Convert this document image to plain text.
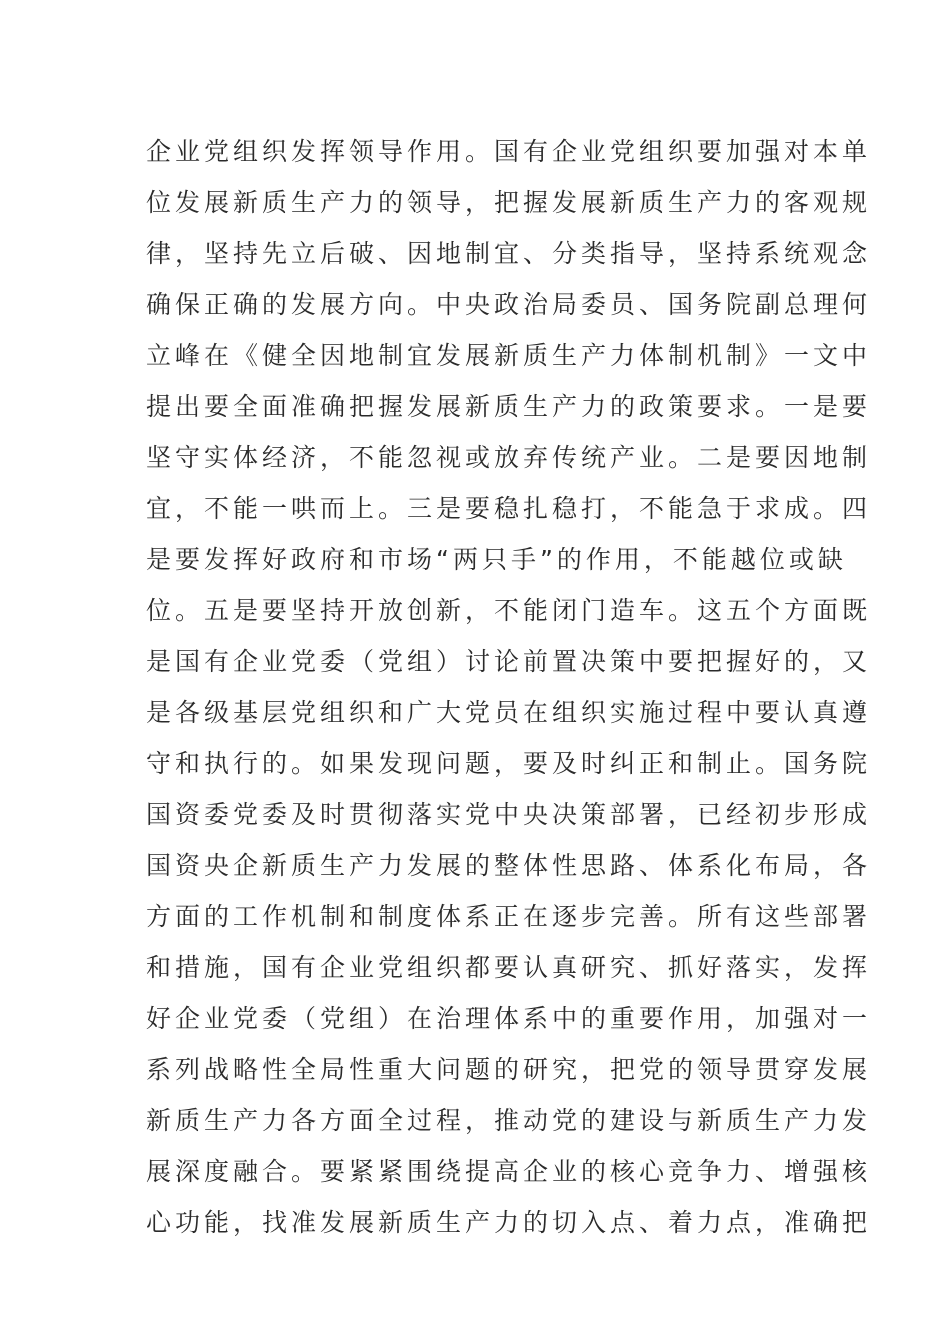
企业党组织发挥领导作用。国有企业党组织要加强对本单
位发展新质生产力的领导，把握发展新质生产力的客观规
律，坚持先立后破、因地制宜、分类指导，坚持系统观念
确保正确的发展方向。中央政治局委员、国务院副总理何
立峰在《健全因地制宜发展新质生产力体制机制》一文中
提出要全面准确把握发展新质生产力的政策要求。一是要
坚守实体经济，不能忽视或放弃传统产业。二是要因地制
宜，不能一哄而上。三是要稳扎稳打，不能急于求成。四
是要发挥好政府和市场“两只手”的作用，不能越位或缺
位。五是要坚持开放创新，不能闭门造车。这五个方面既
是国有企业党委（党组）讨论前置决策中要把握好的，又
是各级基层党组织和广大党员在组织实施过程中要认真遵
守和执行的。如果发现问题，要及时纠正和制止。国务院
国资委党委及时贯彻落实党中央决策部署，已经初步形成
国资央企新质生产力发展的整体性思路、体系化布局，各
方面的工作机制和制度体系正在逐步完善。所有这些部署
和措施，国有企业党组织都要认真研究、抓好落实，发挥
好企业党委（党组）在治理体系中的重要作用，加强对一
系列战略性全局性重大问题的研究，把党的领导贯穿发展
新质生产力各方面全过程，推动党的建设与新质生产力发
展深度融合。要紧紧围绕提高企业的核心竞争力、增强核
心功能，找准发展新质生产力的切入点、着力点，准确把
